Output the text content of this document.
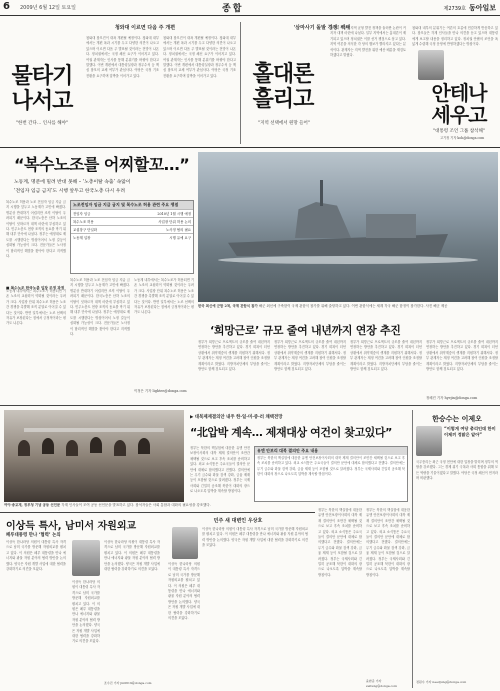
6 2009년 6월 12일 토요일	종합	제2739호 동아일보
청와대 이르면 다음 주 개편
물타기
나서고
"한번 간다… 인사를 해야"
청와대 참모진이 대폭 개편될 예정이다. 청와대 내부에서는 개편 폭과 시기를 두고 다양한 의견이 나오고 있으며 이르면 다음 주 발표될 것이라는 전망이 나온다. 정치권에서는 국정 쇄신 요구가 이어지고 있다. 여권 관계자는 인사를 통해 분위기를 바꿔야 한다고 말했다. 이번 개편에서 대통령실장과 정무수석 등 핵심 참모의 교체 여부가 관심사다. 야당은 국정 기조 전환을 요구하며 압박을 이어가고 있다.
청와대 참모진이 대폭 개편될 예정이다. 청와대 내부에서는 개편 폭과 시기를 두고 다양한 의견이 나오고 있으며 이르면 다음 주 발표될 것이라는 전망이 나온다. 정치권에서는 국정 쇄신 요구가 이어지고 있다. 여권 관계자는 인사를 통해 분위기를 바꿔야 한다고 말했다. 이번 개편에서 대통령실장과 정무수석 등 핵심 참모의 교체 여부가 관심사다. 야당은 국정 기조 전환을 요구하며 압박을 이어가고 있다.
'삼마사기 돌발 경쟁' 백태
홀대론
흘리고
"지역 선택에서 원망 들어"
정부와 여당은 지역 균형 발전 정책을 둘러싼 논란이 커지자 대책 마련에 나섰다. 일부 지역에서는 홀대론이 제기되고 있으며 정치권은 이를 선거 쟁점으로 삼고 있다. 지역 여론을 의식한 각 당의 행보가 빨라지고 있다는 분석이다. 관계자는 지역 발전을 위한 예산 배분을 재검토하겠다고 밝혔다.
청와대 내부의 분위기는 여론의 흐름에 민감하게 반응하고 있다. 참모들은 각계 인사들을 만나 의견을 듣고 있으며 대통령에게 보고할 내용을 정리하고 있다. 정치권 안팎의 조언을 폭넓게 수렴해 국정 운영에 반영하겠다는 방침이다.
안테나
세우고
"대통령 조언 그룹 참석해"
고기정 기자 koh@donga.com
“복수노조를 어찌할꼬…”
노동계, 명분에 밀려 반대 못해 – ‘노총이탈 속출’ 속앓이
‘전임자 임금 금지’도 시행 앞두고 한국노총 다시 우려
복수노조 허용과 노조 전임자 임금 지급 금지 시행을 앞두고 노동계가 고민에 빠졌다. 명분상 반대하기 어렵지만 조직 이탈이 우려되기 때문이다. 한국노총은 산하 노조의 이탈이 잇따르자 대책 마련에 부심하고 있다. 민주노총도 현장 조직의 동요를 막기 위해 내부 단속에 나섰다. 정부는 예정대로 제도를 시행한다는 방침이어서 노정 갈등이 심화될 가능성이 크다. 전문가들은 노사정이 합리적인 해법을 찾아야 한다고 지적했다.
노동계 내부에서는 복수노조가 허용되면 기존 노조의 교섭력이 약화될 것이라는 우려가 크다. 사업장 단위 복수노조 허용은 노조 간 경쟁을 촉발해 조직 분열로 이어질 수 있다는 것이다. 반면 일부에서는 노조 선택의 자유가 보장된다는 점에서 긍정적이라는 평가도 나온다.
■ 복수노조 한국노총 입장 조정 과정
노조전임자 임금 지급 금지 및 복수노조 허용 관련 주요 쟁점
전임자 임금	2010년 1월 시행 예정
복수노조 허용	사업장 단위 허용 논의
교섭창구 단일화	노사정 협의 필요
노동계 입장	시행 유예 요구
복수노조 허용과 노조 전임자 임금 지급 금지 시행을 앞두고 노동계가 고민에 빠졌다. 명분상 반대하기 어렵지만 조직 이탈이 우려되기 때문이다. 한국노총은 산하 노조의 이탈이 잇따르자 대책 마련에 부심하고 있다. 민주노총도 현장 조직의 동요를 막기 위해 내부 단속에 나섰다. 정부는 예정대로 제도를 시행한다는 방침이어서 노정 갈등이 심화될 가능성이 크다. 전문가들은 노사정이 합리적인 해법을 찾아야 한다고 지적했다.
노동계 내부에서는 복수노조가 허용되면 기존 노조의 교섭력이 약화될 것이라는 우려가 크다. 사업장 단위 복수노조 허용은 노조 간 경쟁을 촉발해 조직 분열로 이어질 수 있다는 것이다. 반면 일부에서는 노조 선택의 자유가 보장된다는 점에서 긍정적이라는 평가도 나온다.
이정은 기자 lightee@donga.com
한국 최신예 군함 2척, 국제 관함식 참가 해군 최신예 구축함이 국제 관함식 참가를 위해 출항하고 있다. 이번 관함식에는 세계 각국 해군 함정이 참가한다. 사진 해군 제공
‘희망근로’ 규모 줄여 내년까지 연장 추진
정부가 희망근로 프로젝트의 규모를 줄여 내년까지 연장하는 방안을 추진하고 있다. 경기 회복이 더딘 상황에서 취약계층의 생계를 지원하기 위해서다. 정부 관계자는 재정 여건을 고려해 참여 인원을 조정할 계획이라고 밝혔다. 지방자치단체의 부담을 줄이는 방안도 함께 검토되고 있다.
정부가 희망근로 프로젝트의 규모를 줄여 내년까지 연장하는 방안을 추진하고 있다. 경기 회복이 더딘 상황에서 취약계층의 생계를 지원하기 위해서다. 정부 관계자는 재정 여건을 고려해 참여 인원을 조정할 계획이라고 밝혔다. 지방자치단체의 부담을 줄이는 방안도 함께 검토되고 있다.
정부가 희망근로 프로젝트의 규모를 줄여 내년까지 연장하는 방안을 추진하고 있다. 경기 회복이 더딘 상황에서 취약계층의 생계를 지원하기 위해서다. 정부 관계자는 재정 여건을 고려해 참여 인원을 조정할 계획이라고 밝혔다. 지방자치단체의 부담을 줄이는 방안도 함께 검토되고 있다.
정부가 희망근로 프로젝트의 규모를 줄여 내년까지 연장하는 방안을 추진하고 있다. 경기 회복이 더딘 상황에서 취약계층의 생계를 지원하기 위해서다. 정부 관계자는 재정 여건을 고려해 참여 인원을 조정할 계획이라고 밝혔다. 지방자치단체의 부담을 줄이는 방안도 함께 검토되고 있다.
정혜진 기자 hyejin@donga.com
여야·종교계, 정부청 기념 공동 선언문 각계 인사들이 모여 공동 선언문을 발표하고 있다. 참석자들은 사회 통합과 대화의 필요성을 강조했다.
▶ 대북제재결의안 내주 한·일·미·중·러 채택전망
“北압박 계속… 제재대상 여건이 찾고있다”
정부는 북한의 핵실험에 대응한 유엔 안전보장이사회의 대북 제재 결의안이 조만간 채택될 것으로 보고 후속 조치를 준비하고 있다. 외교 소식통은 주요국들이 결의안 문안에 대체로 합의했다고 전했다. 결의안에는 무기 금수와 화물 검색 강화, 금융 제재 등이 포함될 것으로 알려졌다. 정부는 국제사회와 긴밀히 공조해 북한이 대화의 장으로 나오도록 압박을 계속할 방침이다.
유엔 안보리 대북 결의안 주요 내용
정부는 북한의 핵실험에 대응한 유엔 안전보장이사회의 대북 제재 결의안이 조만간 채택될 것으로 보고 후속 조치를 준비하고 있다. 외교 소식통은 주요국들이 결의안 문안에 대체로 합의했다고 전했다. 결의안에는 무기 금수와 화물 검색 강화, 금융 제재 등이 포함될 것으로 알려졌다. 정부는 국제사회와 긴밀히 공조해 북한이 대화의 장으로 나오도록 압박을 계속할 방침이다.
정부는 북한의 핵실험에 대응한 유엔 안전보장이사회의 대북 제재 결의안이 조만간 채택될 것으로 보고 후속 조치를 준비하고 있다. 외교 소식통은 주요국들이 결의안 문안에 대체로 합의했다고 전했다. 결의안에는 무기 금수와 화물 검색 강화, 금융 제재 등이 포함될 것으로 알려졌다. 정부는 국제사회와 긴밀히 공조해 북한이 대화의 장으로 나오도록 압박을 계속할 방침이다.
정부는 북한의 핵실험에 대응한 유엔 안전보장이사회의 대북 제재 결의안이 조만간 채택될 것으로 보고 후속 조치를 준비하고 있다. 외교 소식통은 주요국들이 결의안 문안에 대체로 합의했다고 전했다. 결의안에는 무기 금수와 화물 검색 강화, 금융 제재 등이 포함될 것으로 알려졌다. 정부는 국제사회와 긴밀히 공조해 북한이 대화의 장으로 나오도록 압박을 계속할 방침이다.
윤완준 기자 zeitung@donga.com
한승수는 이제오
“이렇게 여당 총리인데 한미 이제끼 정맑은 알아”
국무총리는 최근 국정 현안에 대한 입장을 밝히며 정부의 역할을 강조했다. 그는 경제 위기 극복과 사회 통합을 위해 모든 역량을 기울이겠다고 말했다. 야당은 국정 쇄신이 먼저라며 비판했다.
정원수 기자 needjung@donga.com
이상득 특사, 남미서 자원외교
페루대통령 만나 ‘협력’ 논의
이상득 한나라당 의원이 대통령 특사 자격으로 남미 국가를 방문해 자원외교를 펼치고 있다. 이 의원은 페루 대통령을 만나 에너지와 광물 자원 분야의 협력 방안을 논의했다. 양국은 자원 개발 사업에 대한 협력을 강화하기로 의견을 모았다.
이상득 한나라당 의원이 대통령 특사 자격으로 남미 국가를 방문해 자원외교를 펼치고 있다. 이 의원은 페루 대통령을 만나 에너지와 광물 자원 분야의 협력 방안을 논의했다. 양국은 자원 개발 사업에 대한 협력을 강화하기로 의견을 모았다.
조수진 기자 jin0619@donga.com
이상득 한나라당 의원이 대통령 특사 자격으로 남미 국가를 방문해 자원외교를 펼치고 있다. 이 의원은 페루 대통령을 만나 에너지와 광물 자원 분야의 협력 방안을 논의했다. 양국은 자원 개발 사업에 대한 협력을 강화하기로 의견을 모았다.
민주 새 대변인 우상호
이상득 한나라당 의원이 대통령 특사 자격으로 남미 국가를 방문해 자원외교를 펼치고 있다. 이 의원은 페루 대통령을 만나 에너지와 광물 자원 분야의 협력 방안을 논의했다. 양국은 자원 개발 사업에 대한 협력을 강화하기로 의견을 모았다.
이상득 한나라당 의원이 대통령 특사 자격으로 남미 국가를 방문해 자원외교를 펼치고 있다. 이 의원은 페루 대통령을 만나 에너지와 광물 자원 분야의 협력 방안을 논의했다. 양국은 자원 개발 사업에 대한 협력을 강화하기로 의견을 모았다.
